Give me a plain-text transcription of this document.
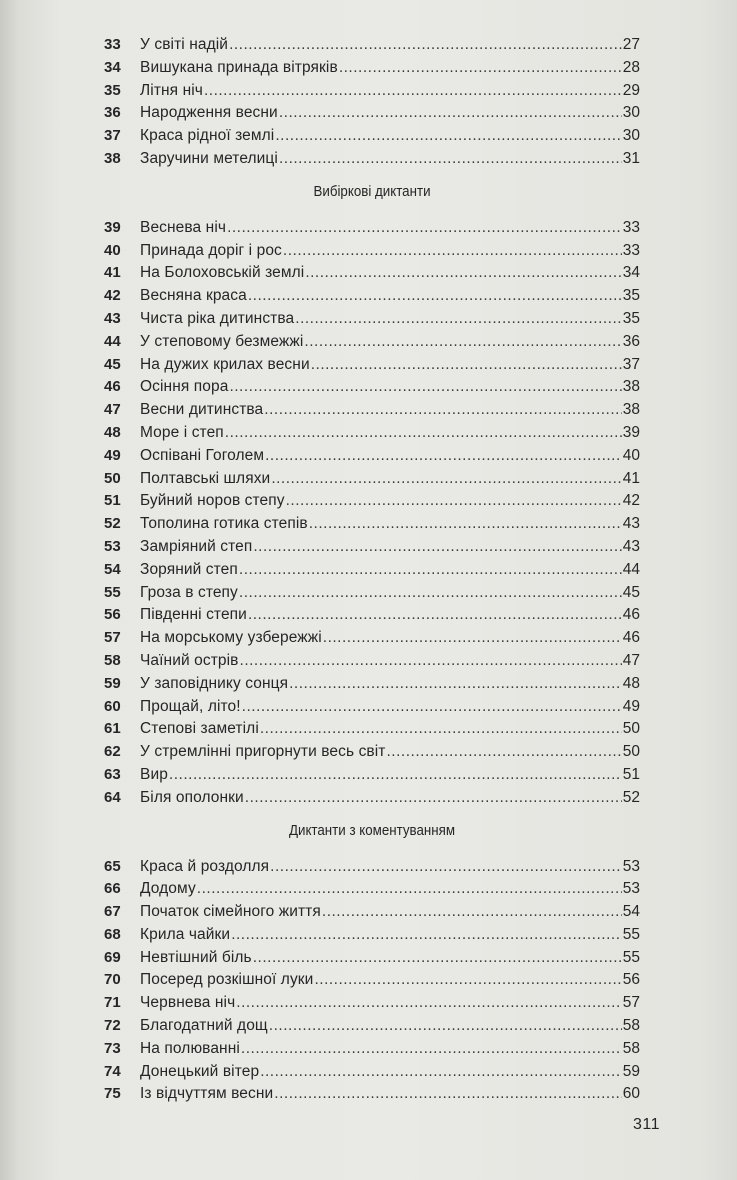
33	У світі надій .....	27
34	Вишукана принада вітряків .....	28
35	Літня ніч .....	29
36	Народження весни .....	30
37	Краса рідної землі .....	30
38	Заручини метелиці .....	31
Вибіркові диктанти
39	Веснева ніч .....	33
40	Принада доріг і рос .....	33
41	На Болоховській землі .....	34
42	Весняна краса .....	35
43	Чиста ріка дитинства .....	35
44	У степовому безмежжі .....	36
45	На дужих крилах весни .....	37
46	Осіння пора .....	38
47	Весни дитинства .....	38
48	Море і степ .....	39
49	Оспівані Гоголем .....	40
50	Полтавські шляхи .....	41
51	Буйний норов степу .....	42
52	Тополина готика степів .....	43
53	Замріяний степ .....	43
54	Зоряний степ .....	44
55	Гроза в степу .....	45
56	Південні степи .....	46
57	На морському узбережжі .....	46
58	Чаїний острів .....	47
59	У заповіднику сонця .....	48
60	Прощай, літо! .....	49
61	Степові заметілі .....	50
62	У стремлінні пригорнути весь світ .....	50
63	Вир .....	51
64	Біля ополонки .....	52
Диктанти з коментуванням
65	Краса й роздолля .....	53
66	Додому .....	53
67	Початок сімейного життя .....	54
68	Крила чайки .....	55
69	Невтішний біль .....	55
70	Посеред розкішної луки .....	56
71	Червнева ніч .....	57
72	Благодатний дощ .....	58
73	На полюванні .....	58
74	Донецький вітер .....	59
75	Із відчуттям весни .....	60
311
